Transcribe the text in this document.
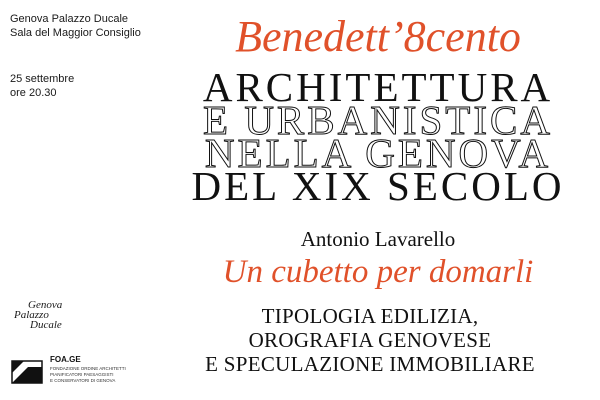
Genova Palazzo Ducale
Sala del Maggior Consiglio
25 settembre
ore 20.30
Benedett’8cento
ARCHITETTURA
E URBANISTICA
NELLA GENOVA
DEL XIX SECOLO
Antonio Lavarello
Un cubetto per domarli
TIPOLOGIA EDILIZIA,
OROGRAFIA GENOVESE
E SPECULAZIONE IMMOBILIARE
Genova
Palazzo
Ducale
FOA.GE
FONDAZIONE ORDINE ARCHITETTI
PIANIFICATORI PAESAGGISTI
E CONSERVATORI DI GENOVA
